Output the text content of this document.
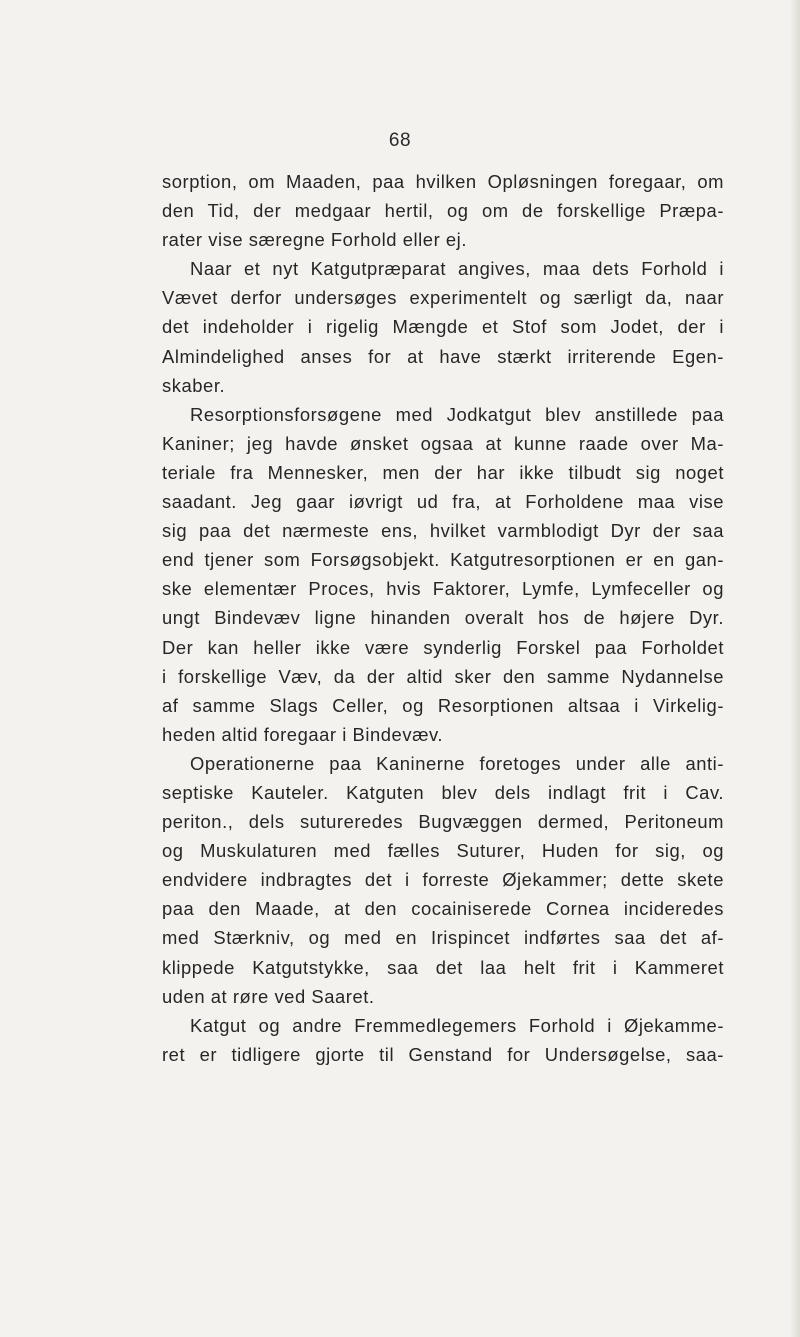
68
sorption, om Maaden, paa hvilken Opløsningen foregaar, om
den Tid, der medgaar hertil, og om de forskellige Præpa-
rater vise særegne Forhold eller ej.
Naar et nyt Katgutpræparat angives, maa dets Forhold i
Vævet derfor undersøges experimentelt og særligt da, naar
det indeholder i rigelig Mængde et Stof som Jodet, der i
Almindelighed anses for at have stærkt irriterende Egen-
skaber.
Resorptionsforsøgene med Jodkatgut blev anstillede paa
Kaniner; jeg havde ønsket ogsaa at kunne raade over Ma-
teriale fra Mennesker, men der har ikke tilbudt sig noget
saadant. Jeg gaar iøvrigt ud fra, at Forholdene maa vise
sig paa det nærmeste ens, hvilket varmblodigt Dyr der saa
end tjener som Forsøgsobjekt. Katgutresorptionen er en gan-
ske elementær Proces, hvis Faktorer, Lymfe, Lymfeceller og
ungt Bindevæv ligne hinanden overalt hos de højere Dyr.
Der kan heller ikke være synderlig Forskel paa Forholdet
i forskellige Væv, da der altid sker den samme Nydannelse
af samme Slags Celler, og Resorptionen altsaa i Virkelig-
heden altid foregaar i Bindevæv.
Operationerne paa Kaninerne foretoges under alle anti-
septiske Kauteler. Katguten blev dels indlagt frit i Cav.
periton., dels sutureredes Bugvæggen dermed, Peritoneum
og Muskulaturen med fælles Suturer, Huden for sig, og
endvidere indbragtes det i forreste Øjekammer; dette skete
paa den Maade, at den cocainiserede Cornea incideredes
med Stærkniv, og med en Irispincet indførtes saa det af-
klippede Katgutstykke, saa det laa helt frit i Kammeret
uden at røre ved Saaret.
Katgut og andre Fremmedlegemers Forhold i Øjekamme-
ret er tidligere gjorte til Genstand for Undersøgelse, saa-
